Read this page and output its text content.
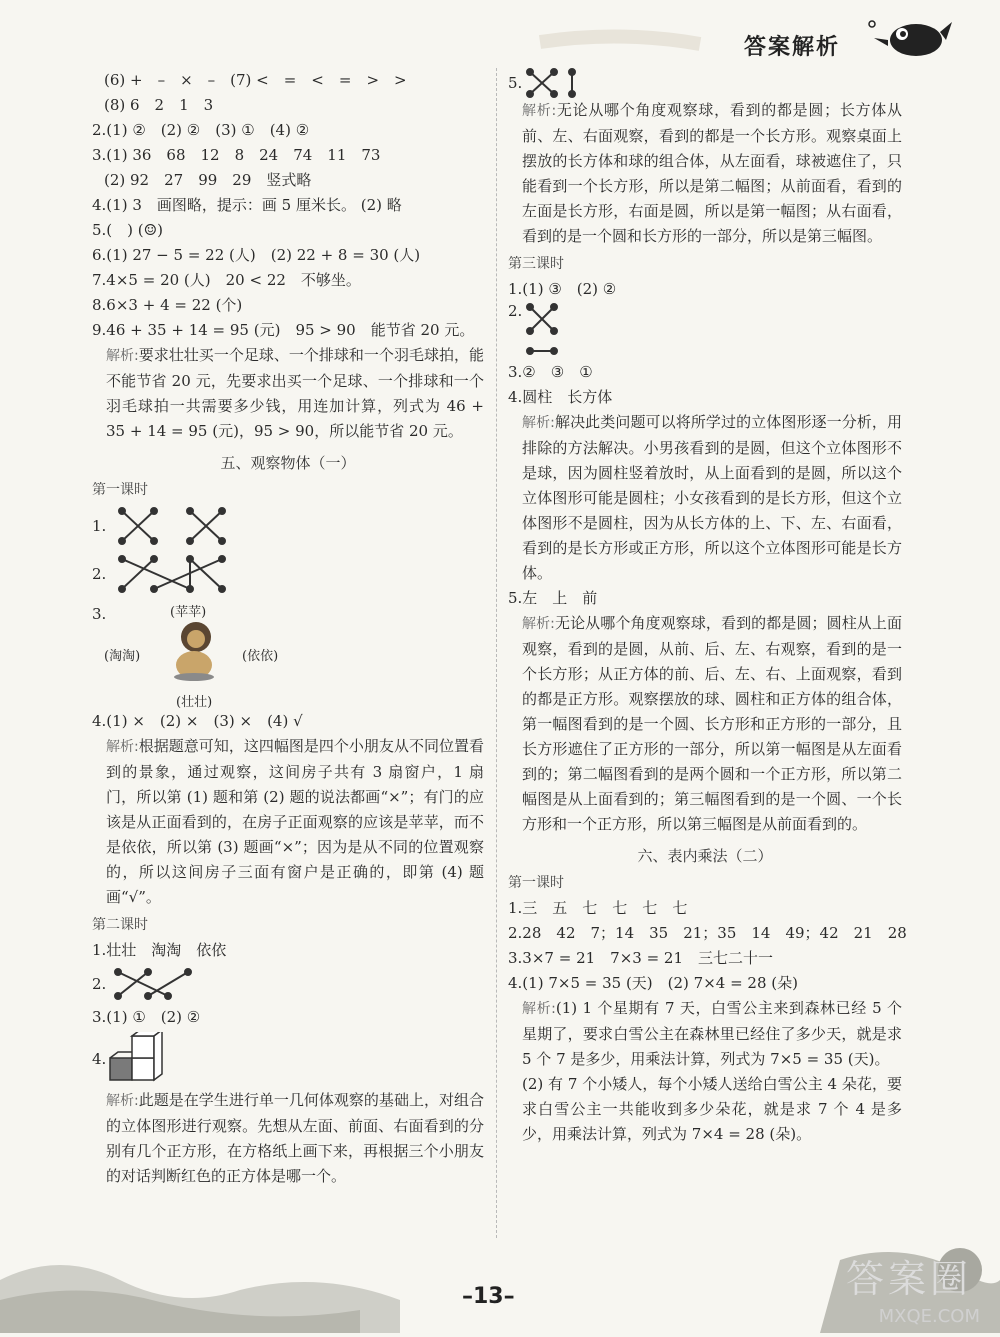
答案解析
(6) +　–　×　–　(7) <　=　<　=　>　>
(8) 6　2　1　3
2.(1) ②　(2) ②　(3) ①　(4) ②
3.(1) 36　68　12　8　24　74　11　73
(2) 92　27　99　29　竖式略
4.(1) 3　画图略，提示：画 5 厘米长。 (2) 略
5.(　) (☺)
6.(1) 27 − 5 = 22 (人)　(2) 22 + 8 = 30 (人)
7.4×5 = 20 (人)　20 < 22　不够坐。
8.6×3 + 4 = 22 (个)
9.46 + 35 + 14 = 95 (元)　95 > 90　能节省 20 元。
解析:要求壮壮买一个足球、一个排球和一个羽毛球拍，能不能节省 20 元，先要求出买一个足球、一个排球和一个羽毛球拍一共需要多少钱，用连加计算，列式为 46 + 35 + 14 = 95 (元)，95 > 90，所以能节省 20 元。
五、观察物体（一）
第一课时
1.
2.
3.	(苹苹)
(淘淘)	(依依)
(壮壮)
4.(1) ×　(2) ×　(3) ×　(4) √
解析:根据题意可知，这四幅图是四个小朋友从不同位置看到的景象，通过观察，这间房子共有 3 扇窗户，1 扇门，所以第 (1) 题和第 (2) 题的说法都画“×”；有门的应该是从正面看到的，在房子正面观察的应该是苹苹，而不是依依，所以第 (3) 题画“×”；因为是从不同的位置观察的，所以这间房子三面有窗户是正确的，即第 (4) 题画“√”。
第二课时
1.壮壮　淘淘　依依
2.
3.(1) ①　(2) ②
4.
解析:此题是在学生进行单一几何体观察的基础上，对组合的立体图形进行观察。先想从左面、前面、右面看到的分别有几个正方形，在方格纸上画下来，再根据三个小朋友的对话判断红色的正方体是哪一个。
5.
解析:无论从哪个角度观察球，看到的都是圆；长方体从前、左、右面观察，看到的都是一个长方形。观察桌面上摆放的长方体和球的组合体，从左面看，球被遮住了，只能看到一个长方形，所以是第二幅图；从前面看，看到的左面是长方形，右面是圆，所以是第一幅图；从右面看，看到的是一个圆和长方形的一部分，所以是第三幅图。
第三课时
1.(1) ③　(2) ②
2.
3.②　③　①
4.圆柱　长方体
解析:解决此类问题可以将所学过的立体图形逐一分析，用排除的方法解决。小男孩看到的是圆，但这个立体图形不是球，因为圆柱竖着放时，从上面看到的是圆，所以这个立体图形可能是圆柱；小女孩看到的是长方形，但这个立体图形不是圆柱，因为从长方体的上、下、左、右面看，看到的是长方形或正方形，所以这个立体图形可能是长方体。
5.左　上　前
解析:无论从哪个角度观察球，看到的都是圆；圆柱从上面观察，看到的是圆，从前、后、左、右观察，看到的是一个长方形；从正方体的前、后、左、右、上面观察，看到的都是正方形。观察摆放的球、圆柱和正方体的组合体，第一幅图看到的是一个圆、长方形和正方形的一部分，且长方形遮住了正方形的一部分，所以第一幅图是从左面看到的；第二幅图看到的是两个圆和一个正方形，所以第二幅图是从上面看到的；第三幅图看到的是一个圆、一个长方形和一个正方形，所以第三幅图是从前面看到的。
六、表内乘法（二）
第一课时
1.三　五　七　七　七　七
2.28　42　7；14　35　21；35　14　49；42　21　28
3.3×7 = 21　7×3 = 21　三七二十一
4.(1) 7×5 = 35 (天)　(2) 7×4 = 28 (朵)
解析:(1) 1 个星期有 7 天，白雪公主来到森林已经 5 个星期了，要求白雪公主在森林里已经住了多少天，就是求 5 个 7 是多少，用乘法计算，列式为 7×5 = 35 (天)。
(2) 有 7 个小矮人，每个小矮人送给白雪公主 4 朵花，要求白雪公主一共能收到多少朵花，就是求 7 个 4 是多少，用乘法计算，列式为 7×4 = 28 (朵)。
–13–	答案圈
MXQE.COM
